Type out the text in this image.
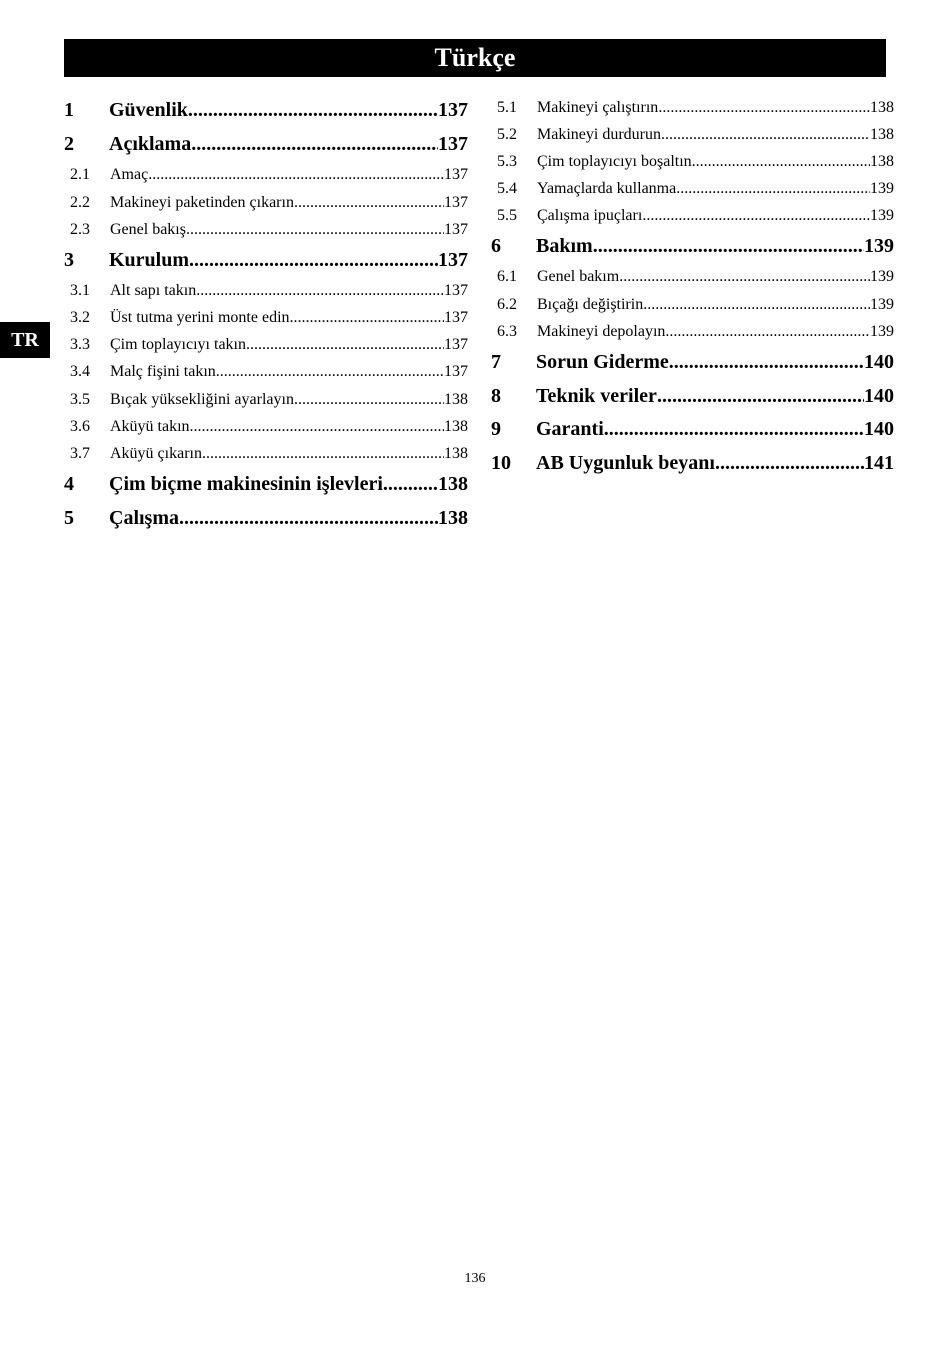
Türkçe
TR
1	Güvenlik .....	137
2	Açıklama .....	137
2.1	Amaç .....	137
2.2	Makineyi paketinden çıkarın .....	137
2.3	Genel bakış .....	137
3	Kurulum .....	137
3.1	Alt sapı takın .....	137
3.2	Üst tutma yerini monte edin .....	137
3.3	Çim toplayıcıyı takın .....	137
3.4	Malç fişini takın .....	137
3.5	Bıçak yüksekliğini ayarlayın .....	138
3.6	Aküyü takın .....	138
3.7	Aküyü çıkarın .....	138
4	Çim biçme makinesinin işlevleri .....	138
5	Çalışma .....	138
5.1	Makineyi çalıştırın .....	138
5.2	Makineyi durdurun .....	138
5.3	Çim toplayıcıyı boşaltın .....	138
5.4	Yamaçlarda kullanma .....	139
5.5	Çalışma ipuçları .....	139
6	Bakım .....	139
6.1	Genel bakım .....	139
6.2	Bıçağı değiştirin .....	139
6.3	Makineyi depolayın .....	139
7	Sorun Giderme .....	140
8	Teknik veriler .....	140
9	Garanti .....	140
10	AB Uygunluk beyanı .....	141
136
